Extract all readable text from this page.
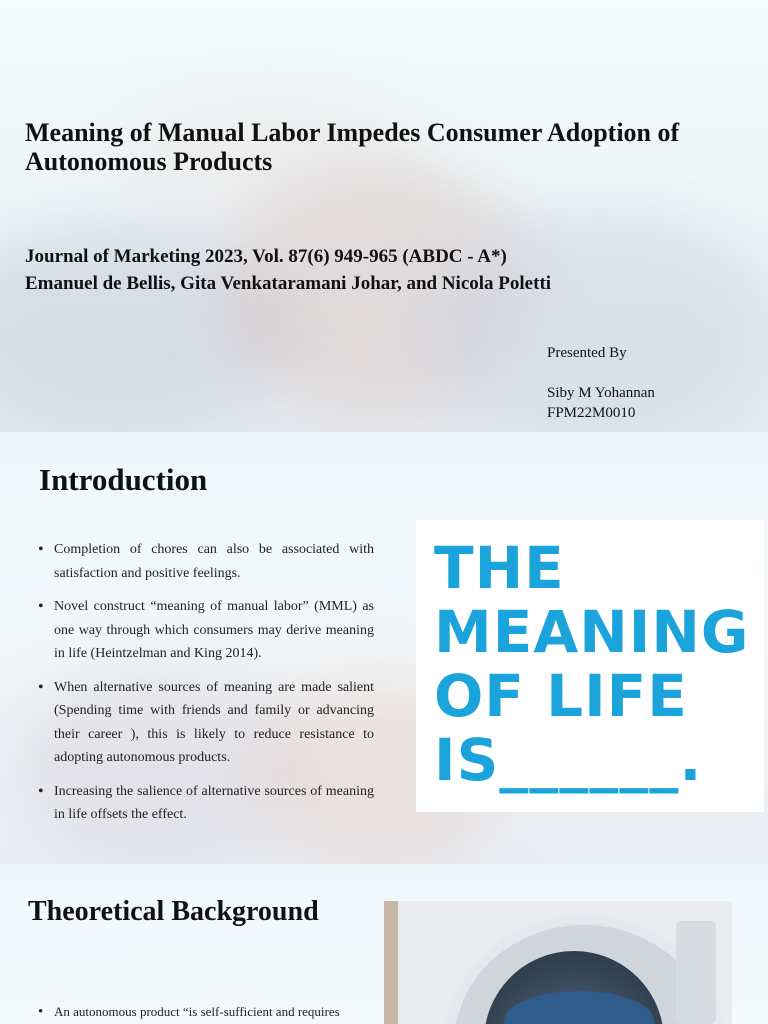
Meaning of Manual Labor Impedes Consumer Adoption of Autonomous Products
Journal of Marketing 2023, Vol. 87(6) 949-965 (ABDC - A*)
Emanuel de Bellis, Gita Venkataramani Johar, and Nicola Poletti
Presented By
Siby M Yohannan
FPM22M0010
Introduction
• Completion of chores can also be associated with satisfaction and positive feelings.
• Novel construct “meaning of manual labor” (MML) as one way through which consumers may derive meaning in life (Heintzelman and King 2014).
• When alternative sources of meaning are made salient (Spending time with friends and family or advancing their career ), this is likely to reduce resistance to adopting autonomous products.
• Increasing the salience of alternative sources of meaning in life offsets the effect.
THE
MEANING
OF LIFE
IS______.
Theoretical Background
• An autonomous product “is self-sufficient and requires
